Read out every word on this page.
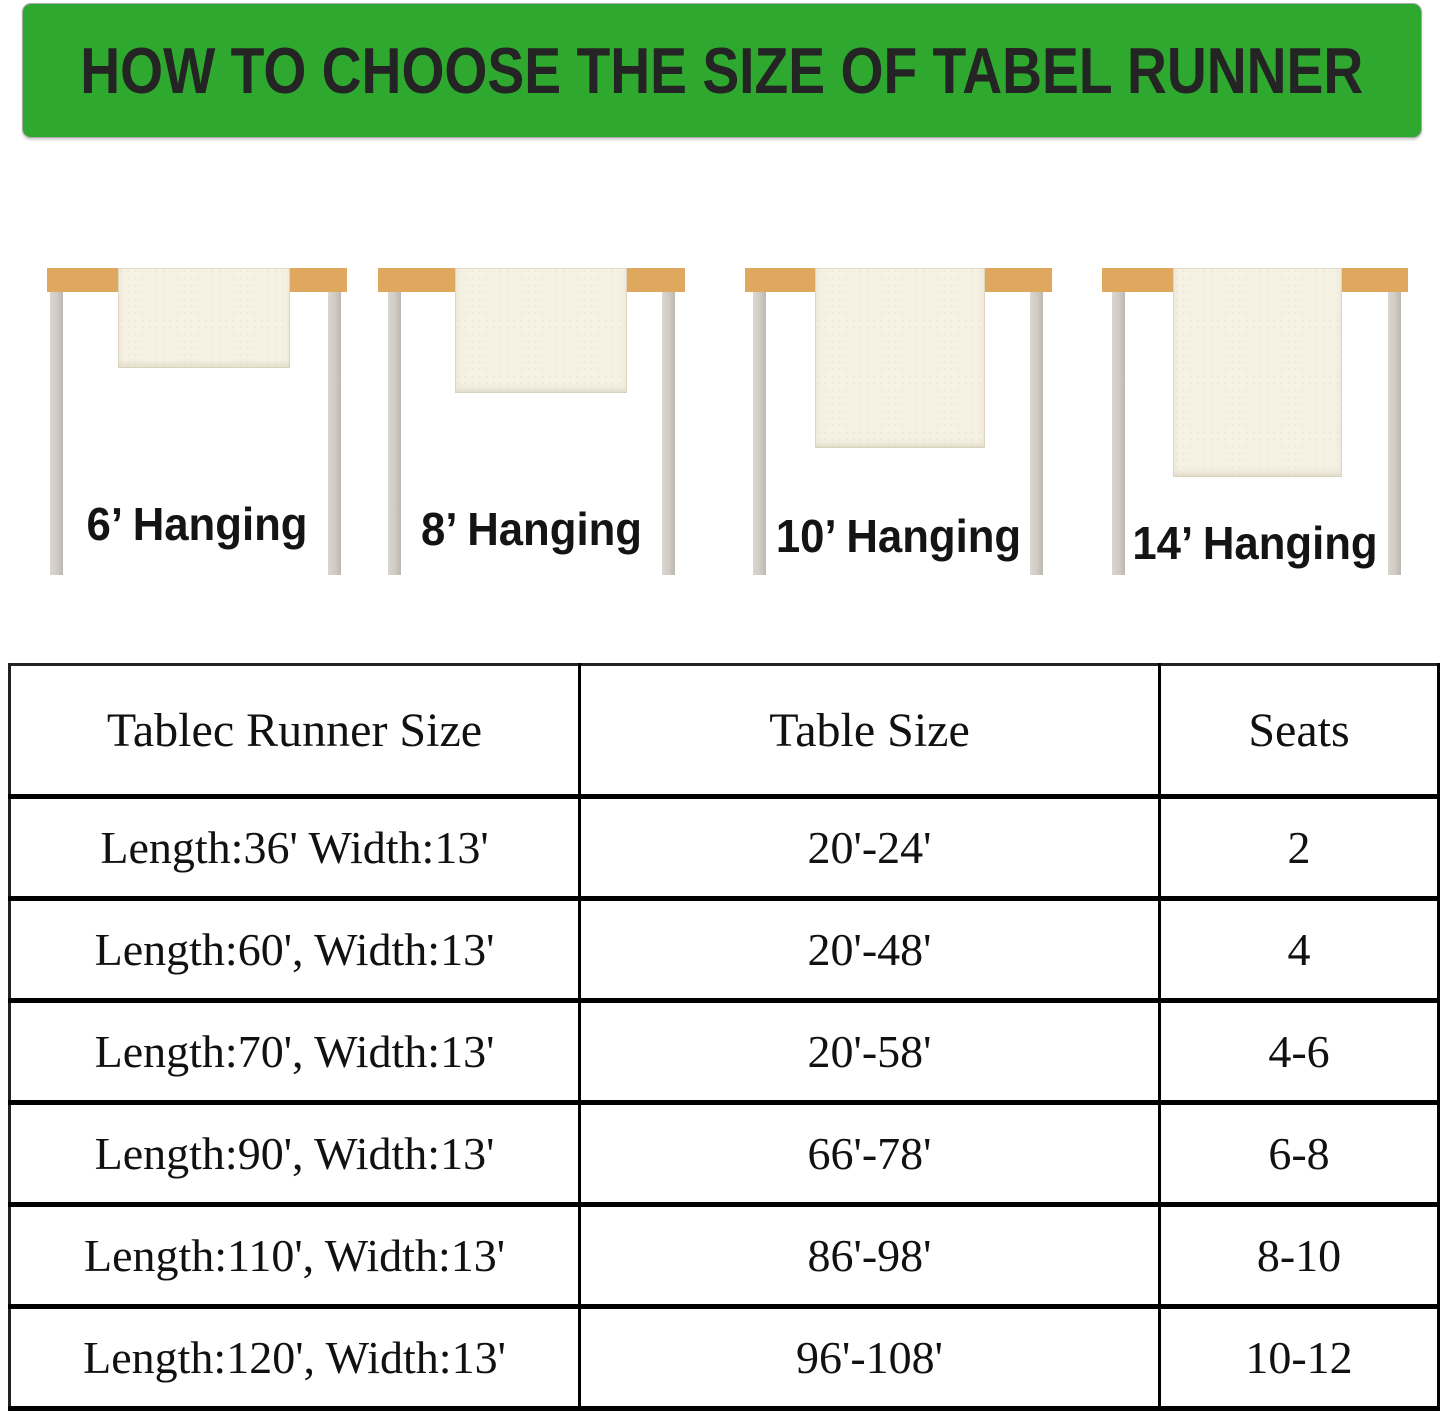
HOW TO CHOOSE THE SIZE OF TABEL RUNNER
6’ Hanging	8’ Hanging	10’ Hanging	14’ Hanging
Tablec Runner Size	Table Size	Seats
Length:36' Width:13'	20'-24'	2
Length:60', Width:13'	20'-48'	4
Length:70', Width:13'	20'-58'	4-6
Length:90', Width:13'	66'-78'	6-8
Length:110', Width:13'	86'-98'	8-10
Length:120', Width:13'	96'-108'	10-12
